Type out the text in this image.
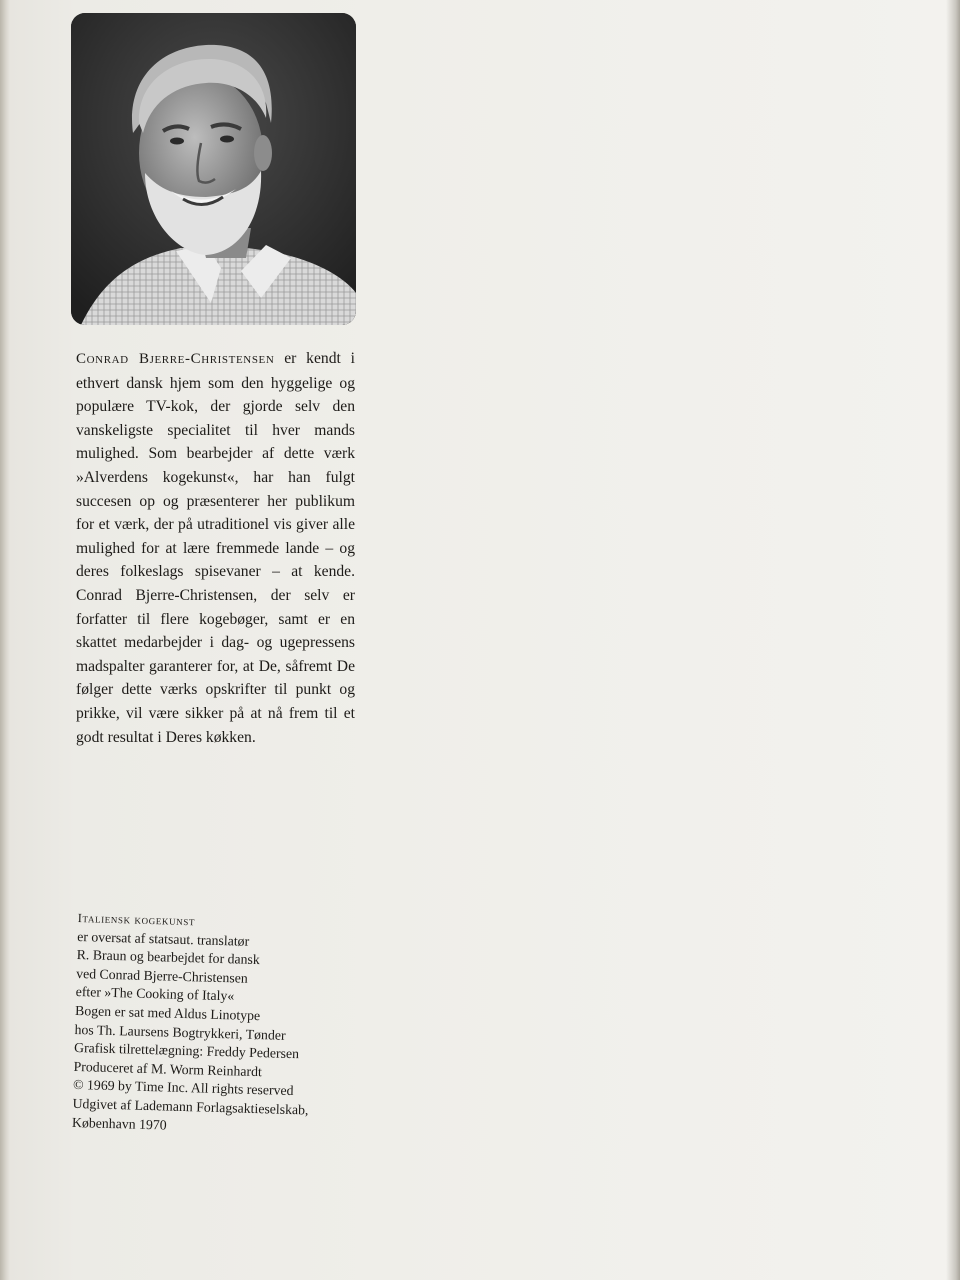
Conrad Bjerre-Christensen er kendt i ethvert dansk hjem som den hyggelige og populære TV-kok, der gjorde selv den vanskeligste specialitet til hver mands mulighed. Som bearbejder af dette værk »Alverdens kogekunst«, har han fulgt succesen op og præsenterer her publikum for et værk, der på utraditionel vis giver alle mulighed for at lære fremmede lande – og deres folkeslags spisevaner – at kende. Conrad Bjerre-Christensen, der selv er forfatter til flere kogebøger, samt er en skattet medarbejder i dag- og ugepressens madspalter garanterer for, at De, såfremt De følger dette værks opskrifter til punkt og prikke, vil være sikker på at nå frem til et godt resultat i Deres køkken.

Italiensk kogekunst
er oversat af statsaut. translatør
R. Braun og bearbejdet for dansk
ved Conrad Bjerre-Christensen
efter »The Cooking of Italy«
Bogen er sat med Aldus Linotype
hos Th. Laursens Bogtrykkeri, Tønder
Grafisk tilrettelægning: Freddy Pedersen
Produceret af M. Worm Reinhardt
© 1969 by Time Inc. All rights reserved
Udgivet af Lademann Forlagsaktieselskab,
København 1970
